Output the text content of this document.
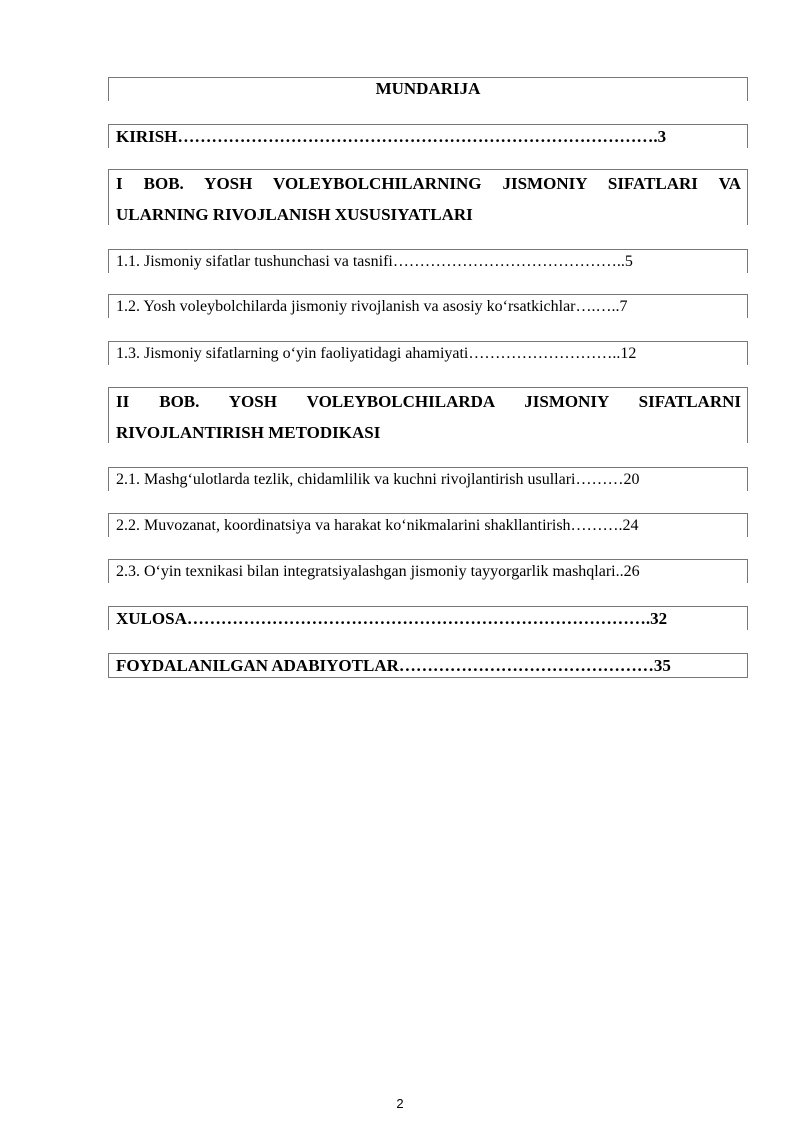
MUNDARIJA
KIRISH………………………………………………………………………….3
I BOB. YOSH VOLEYBOLCHILARNING JISMONIY SIFATLARI VA
ULARNING RIVOJLANISH XUSUSIYATLARI
1.1. Jismoniy sifatlar tushunchasi va tasnifi……………………………………..5
1.2. Yosh voleybolchilarda jismoniy rivojlanish va asosiy ko‘rsatkichlar….…..7
1.3. Jismoniy sifatlarning o‘yin faoliyatidagi ahamiyati………………………..12
II BOB. YOSH VOLEYBOLCHILARDA JISMONIY SIFATLARNI
RIVOJLANTIRISH METODIKASI
2.1. Mashg‘ulotlarda tezlik, chidamlilik va kuchni rivojlantirish usullari………20
2.2. Muvozanat, koordinatsiya va harakat ko‘nikmalarini shakllantirish……….24
2.3. O‘yin texnikasi bilan integratsiyalashgan jismoniy tayyorgarlik mashqlari..26
XULOSA……………………………………………………………………….32
FOYDALANILGAN ADABIYOTLAR………………………………………35
2
